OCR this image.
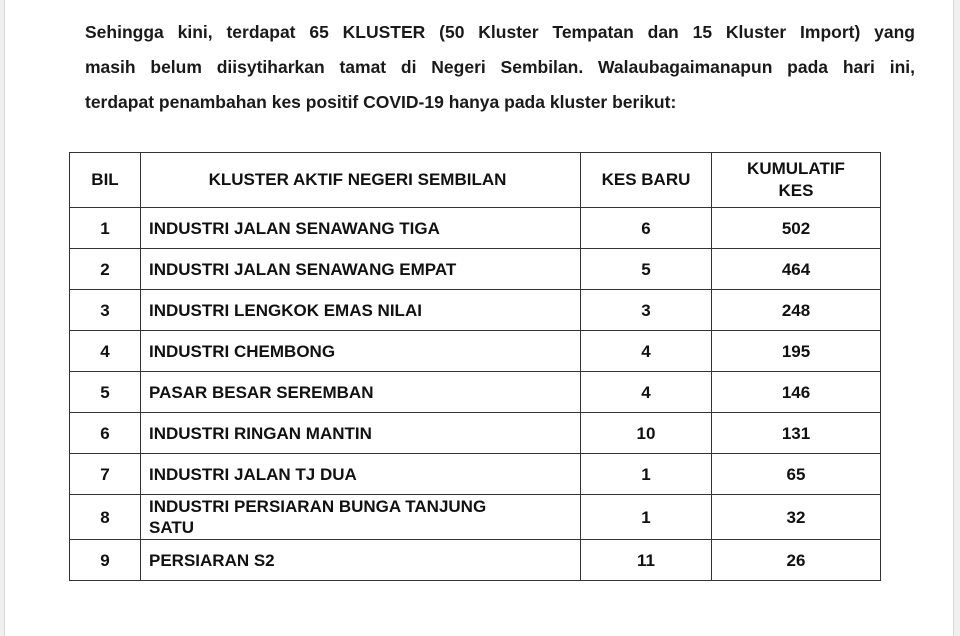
Sehingga kini, terdapat 65 KLUSTER (50 Kluster Tempatan dan 15 Kluster Import) yang
masih belum diisytiharkan tamat di Negeri Sembilan. Walaubagaimanapun pada hari ini,
terdapat penambahan kes positif COVID-19 hanya pada kluster berikut:

BIL	KLUSTER AKTIF NEGERI SEMBILAN	KES BARU	KUMULATIF
KES
1	INDUSTRI JALAN SENAWANG TIGA	6	502
2	INDUSTRI JALAN SENAWANG EMPAT	5	464
3	INDUSTRI LENGKOK EMAS NILAI	3	248
4	INDUSTRI CHEMBONG	4	195
5	PASAR BESAR SEREMBAN	4	146
6	INDUSTRI RINGAN MANTIN	10	131
7	INDUSTRI JALAN TJ DUA	1	65
8	INDUSTRI PERSIARAN BUNGA TANJUNG
SATU	1	32
9	PERSIARAN S2	11	26
